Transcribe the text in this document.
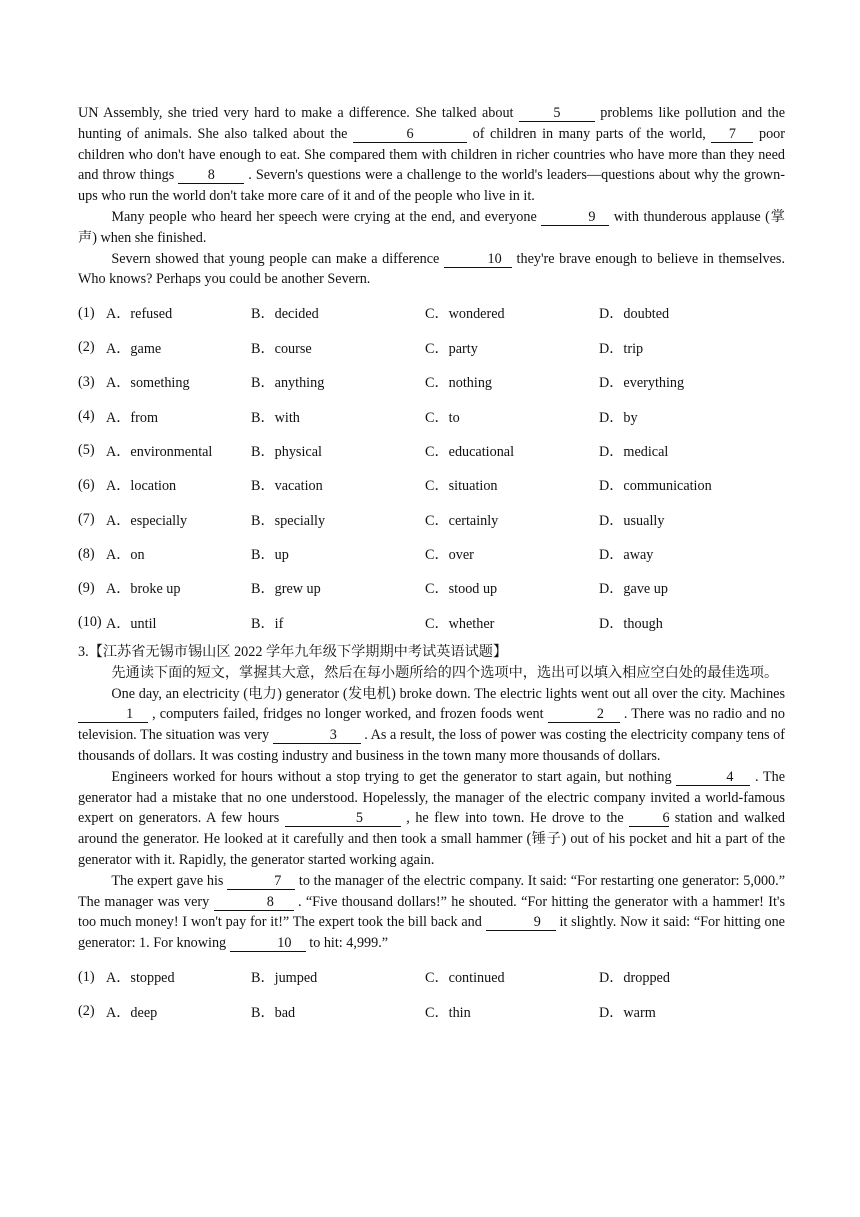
UN Assembly, she tried very hard to make a difference. She talked about 5 problems like pollution and the hunting of animals. She also talked about the	6	of children in many parts of the world, 7 poor children who don't have enough to eat. She compared them with children in richer countries who have more than they need and throw things 8 . Severn's questions were a challenge to the world's leaders—questions about why the grown-ups who run the world don't take more care of it and of the people who live in it.

Many people who heard her speech were crying at the end, and everyone	9 with thunderous applause (掌声) when she finished.

Severn showed that young people can make a difference	10 they're brave enough to believe in themselves. Who knows? Perhaps you could be another Severn.

(1) A．refused	B．decided	C．wondered	D．doubted
(2) A．game	B．course	C．party	D．trip
(3) A．something	B．anything	C．nothing	D．everything
(4) A．from	B．with	C．to	D．by
(5) A．environmental	B．physical	C．educational	D．medical
(6) A．location	B．vacation	C．situation	D．communication
(7) A．especially	B．specially	C．certainly	D．usually
(8) A．on	B．up	C．over	D．away
(9) A．broke up	B．grew up	C．stood up	D．gave up
(10) A．until	B．if	C．whether	D．though

3.【江苏省无锡市锡山区 2022 学年九年级下学期期中考试英语试题】

先通读下面的短文，掌握其大意，然后在每小题所给的四个选项中，选出可以填入相应空白处的最佳选项。

One day, an electricity (电力) generator (发电机) broke down. The electric lights went out all over the city. Machines 1 , computers failed, fridges no longer worked, and frozen foods went	2 . There was no radio and no television. The situation was very	3 . As a result, the loss of power was costing the electricity company tens of thousands of dollars. It was costing industry and business in the town many more thousands of dollars.

Engineers worked for hours without a stop trying to get the generator to start again, but nothing	4 . The generator had a mistake that no one understood. Hopelessly, the manager of the electric company invited a world-famous expert on generators. A few hours	5	, he flew into town. He drove to the 6 station and walked around the generator. He looked at it carefully and then took a small hammer (锤子) out of his pocket and hit a part of the generator with it. Rapidly, the generator started working again.

The expert gave his	7 to the manager of the electric company. It said: “For restarting one generator: 5,000.” The manager was very	8 . “Five thousand dollars!” he shouted. “For hitting the generator with a hammer! It's too much money! I won't pay for it!” The expert took the bill back and	9 it slightly. Now it said: “For hitting one generator: 1. For knowing	10 to hit: 4,999.”

(1) A．stopped	B．jumped	C．continued	D．dropped
(2) A．deep	B．bad	C．thin	D．warm
